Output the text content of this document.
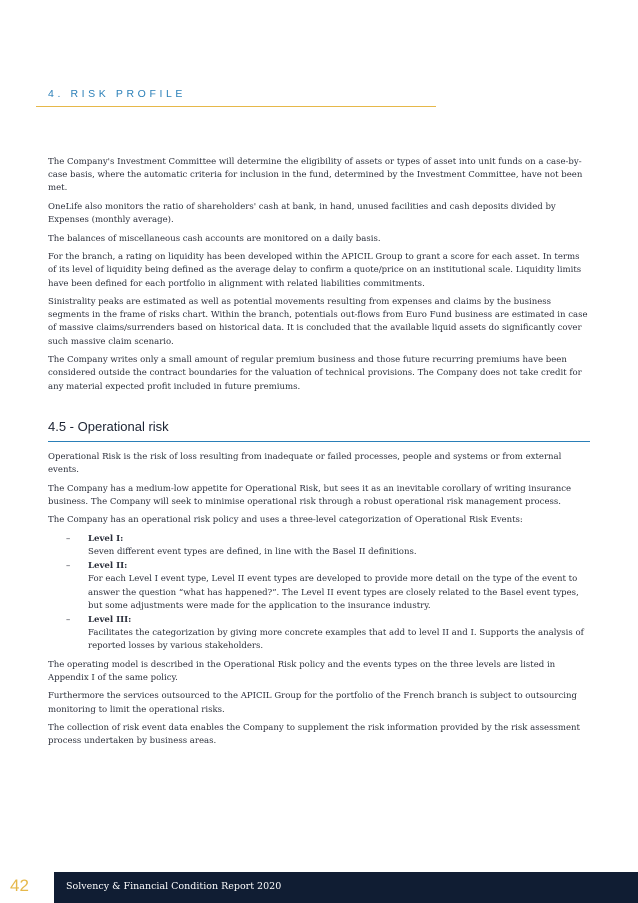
4. RISK PROFILE

The Company's Investment Committee will determine the eligibility of assets or types of asset into unit funds on a case-by-case basis, where the automatic criteria for inclusion in the fund, determined by the Investment Committee, have not been met.

OneLife also monitors the ratio of shareholders' cash at bank, in hand, unused facilities and cash deposits divided by Expenses (monthly average).

The balances of miscellaneous cash accounts are monitored on a daily basis.

For the branch, a rating on liquidity has been developed within the APICIL Group to grant a score for each asset. In terms of its level of liquidity being defined as the average delay to confirm a quote/price on an institutional scale. Liquidity limits have been defined for each portfolio in alignment with related liabilities commitments.

Sinistrality peaks are estimated as well as potential movements resulting from expenses and claims by the business segments in the frame of risks chart. Within the branch, potentials out-flows from Euro Fund business are estimated in case of massive claims/surrenders based on historical data. It is concluded that the available liquid assets do significantly cover such massive claim scenario.

The Company writes only a small amount of regular premium business and those future recurring premiums have been considered outside the contract boundaries for the valuation of technical provisions. The Company does not take credit for any material expected profit included in future premiums.

4.5 - Operational risk

Operational Risk is the risk of loss resulting from inadequate or failed processes, people and systems or from external events.

The Company has a medium-low appetite for Operational Risk, but sees it as an inevitable corollary of writing insurance business. The Company will seek to minimise operational risk through a robust operational risk management process.

The Company has an operational risk policy and uses a three-level categorization of Operational Risk Events:

– Level I:
Seven different event types are defined, in line with the Basel II definitions.
– Level II:
For each Level I event type, Level II event types are developed to provide more detail on the type of the event to answer the question “what has happened?”. The Level II event types are closely related to the Basel event types, but some adjustments were made for the application to the insurance industry.
– Level III:
Facilitates the categorization by giving more concrete examples that add to level II and I. Supports the analysis of reported losses by various stakeholders.

The operating model is described in the Operational Risk policy and the events types on the three levels are listed in Appendix I of the same policy.

Furthermore the services outsourced to the APICIL Group for the portfolio of the French branch is subject to outsourcing monitoring to limit the operational risks.

The collection of risk event data enables the Company to supplement the risk information provided by the risk assessment process undertaken by business areas.

42	Solvency & Financial Condition Report 2020
